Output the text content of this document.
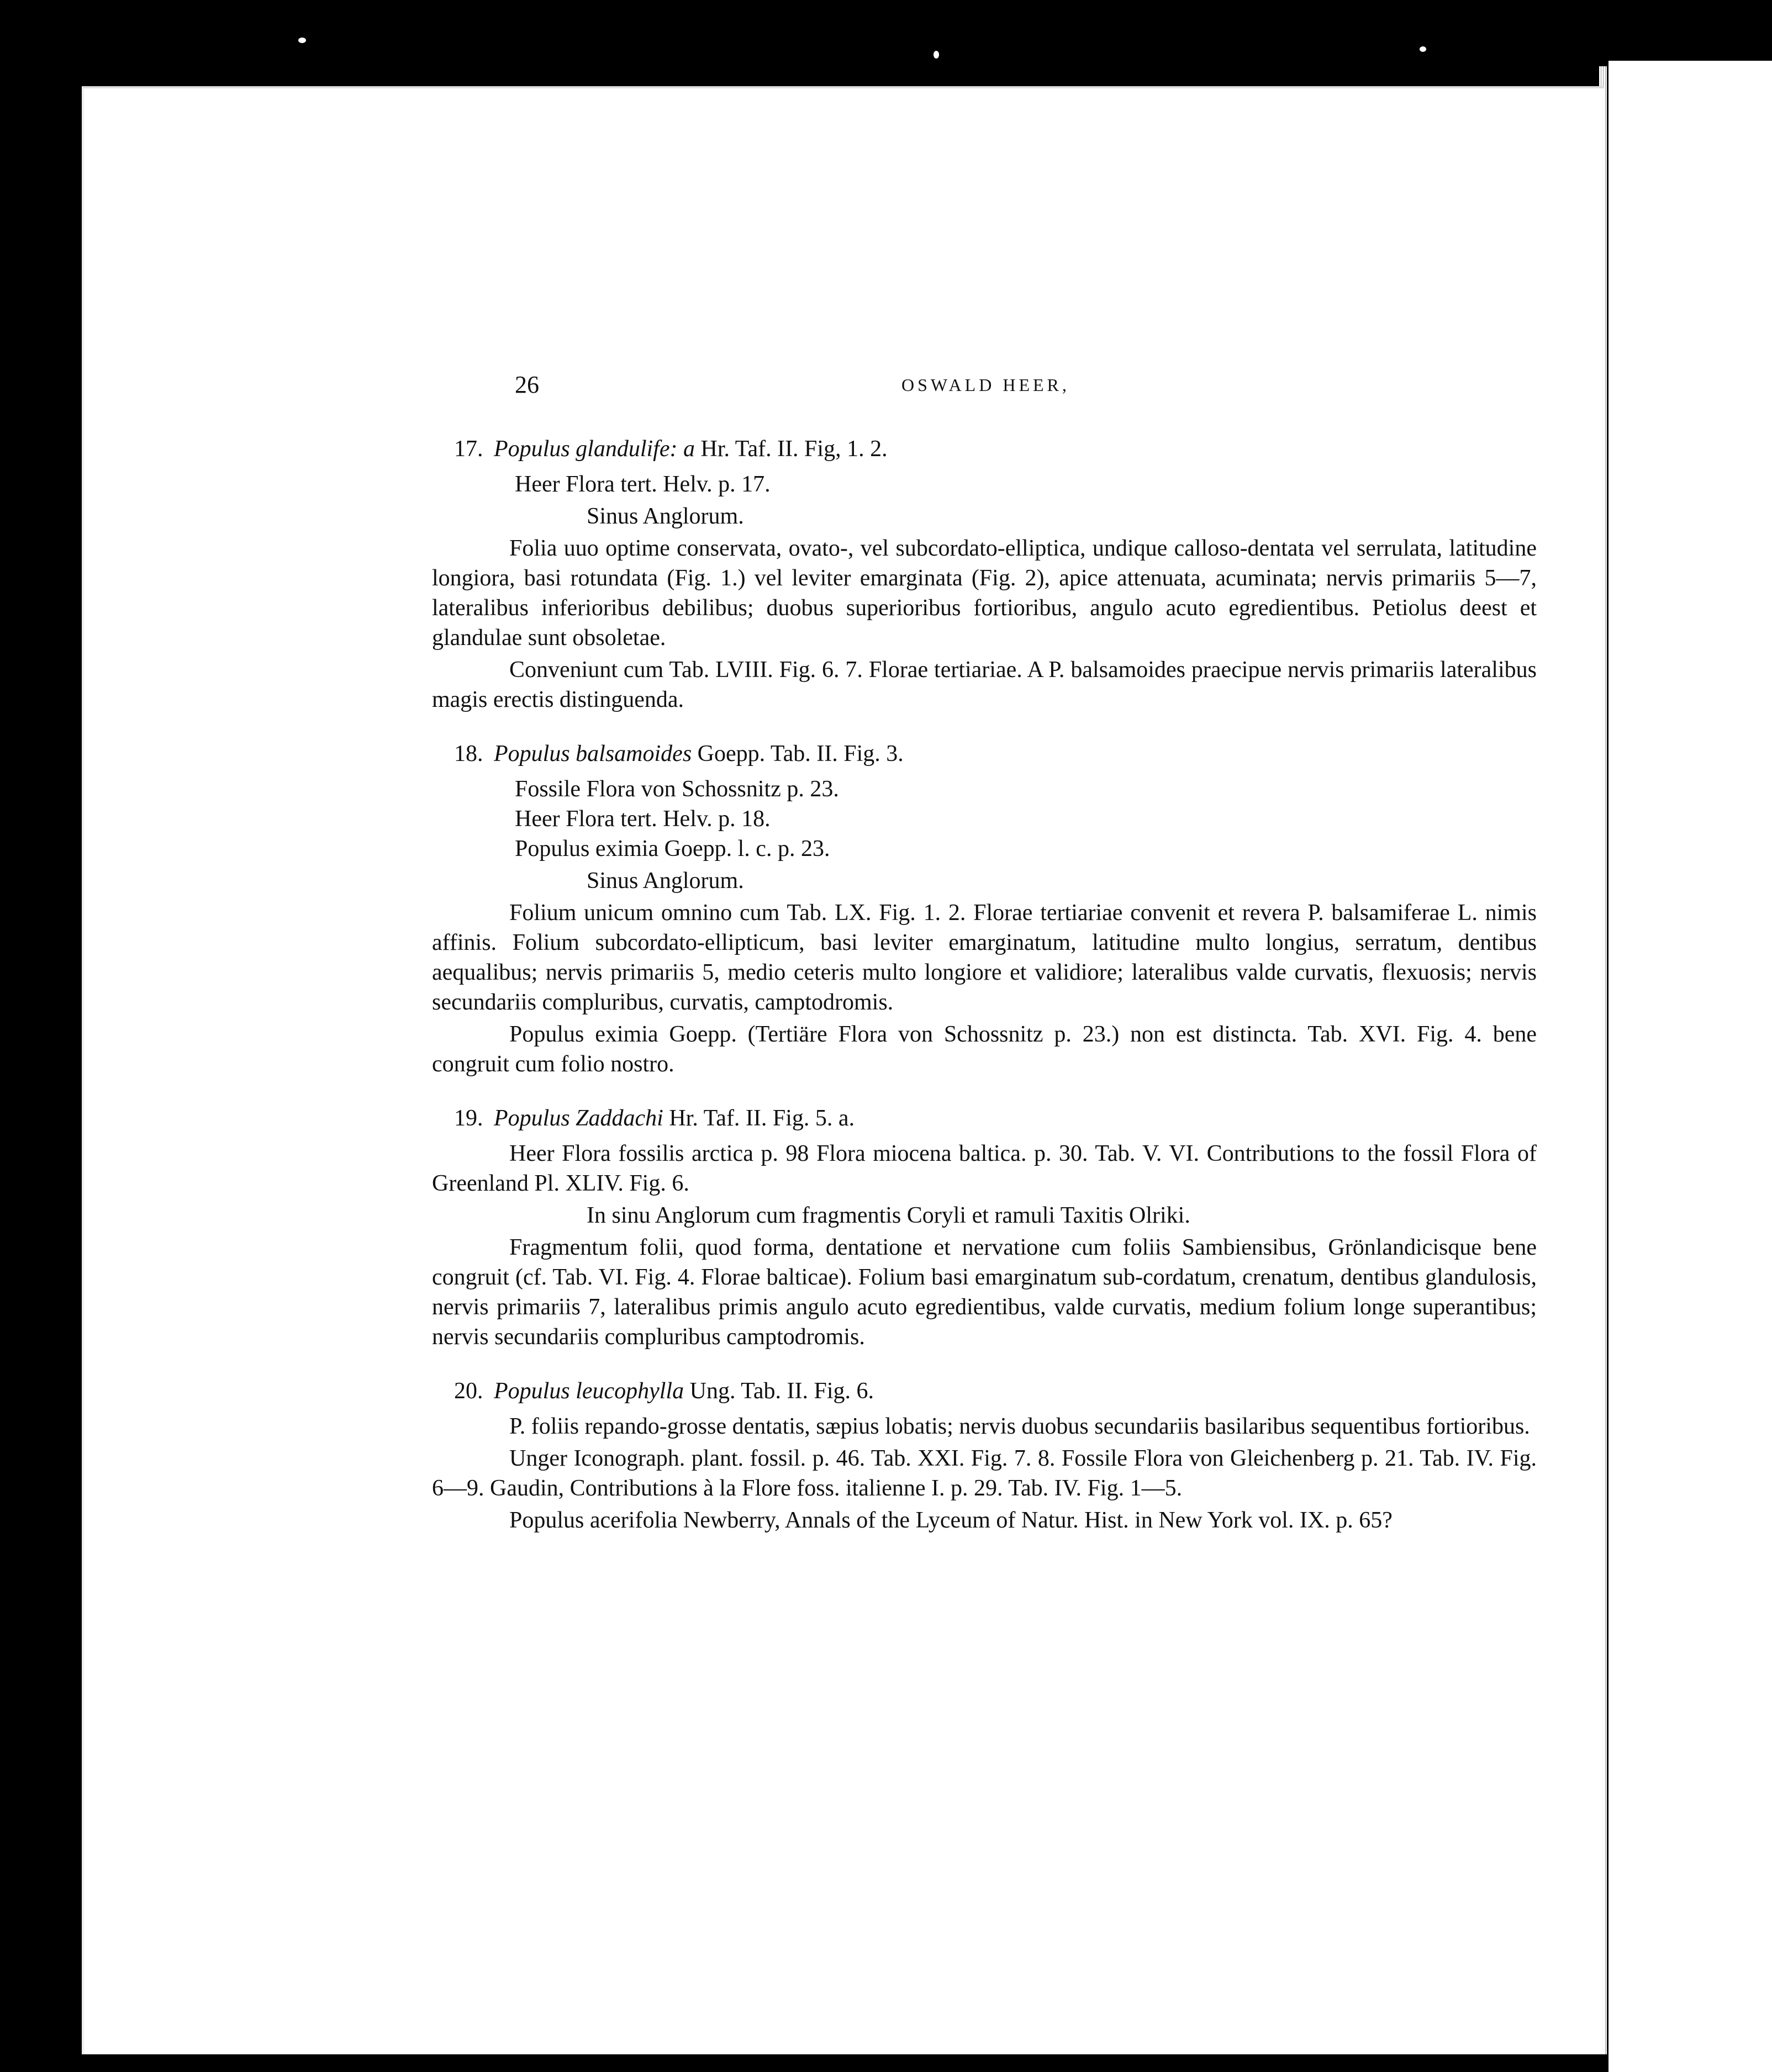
26	OSWALD HEER,
17. Populus glandulife: a Hr. Taf. II. Fig, 1. 2.
Heer Flora tert. Helv. p. 17.
Sinus Anglorum.
Folia uuo optime conservata, ovato-, vel subcordato-elliptica, undique calloso-dentata vel serrulata, latitudine longiora, basi rotundata (Fig. 1.) vel leviter emarginata (Fig. 2), apice attenuata, acuminata; nervis primariis 5—7, lateralibus inferioribus debilibus; duobus superioribus fortioribus, angulo acuto egredientibus. Petiolus deest et glandulae sunt obsoletae.
Conveniunt cum Tab. LVIII. Fig. 6. 7. Florae tertiariae. A P. balsamoides praecipue nervis primariis lateralibus magis erectis distinguenda.
18. Populus balsamoides Goepp. Tab. II. Fig. 3.
Fossile Flora von Schossnitz p. 23.
Heer Flora tert. Helv. p. 18.
Populus eximia Goepp. l. c. p. 23.
Sinus Anglorum.
Folium unicum omnino cum Tab. LX. Fig. 1. 2. Florae tertiariae convenit et revera P. balsamiferae L. nimis affinis. Folium subcordato-ellipticum, basi leviter emarginatum, latitudine multo longius, serratum, dentibus aequalibus; nervis primariis 5, medio ceteris multo longiore et validiore; lateralibus valde curvatis, flexuosis; nervis secundariis compluribus, curvatis, camptodromis.
Populus eximia Goepp. (Tertiäre Flora von Schossnitz p. 23.) non est distincta. Tab. XVI. Fig. 4. bene congruit cum folio nostro.
19. Populus Zaddachi Hr. Taf. II. Fig. 5. a.
Heer Flora fossilis arctica p. 98 Flora miocena baltica. p. 30. Tab. V. VI. Contributions to the fossil Flora of Greenland Pl. XLIV. Fig. 6.
In sinu Anglorum cum fragmentis Coryli et ramuli Taxitis Olriki.
Fragmentum folii, quod forma, dentatione et nervatione cum foliis Sambiensibus, Grönlandicisque bene congruit (cf. Tab. VI. Fig. 4. Florae balticae). Folium basi emarginatum sub-cordatum, crenatum, dentibus glandulosis, nervis primariis 7, lateralibus primis angulo acuto egredientibus, valde curvatis, medium folium longe superantibus; nervis secundariis compluribus camptodromis.
20. Populus leucophylla Ung. Tab. II. Fig. 6.
P. foliis repando-grosse dentatis, sæpius lobatis; nervis duobus secundariis basilaribus sequentibus fortioribus.
Unger Iconograph. plant. fossil. p. 46. Tab. XXI. Fig. 7. 8. Fossile Flora von Gleichenberg p. 21. Tab. IV. Fig. 6—9. Gaudin, Contributions à la Flore foss. italienne I. p. 29. Tab. IV. Fig. 1—5.
Populus acerifolia Newberry, Annals of the Lyceum of Natur. Hist. in New York vol. IX. p. 65?
